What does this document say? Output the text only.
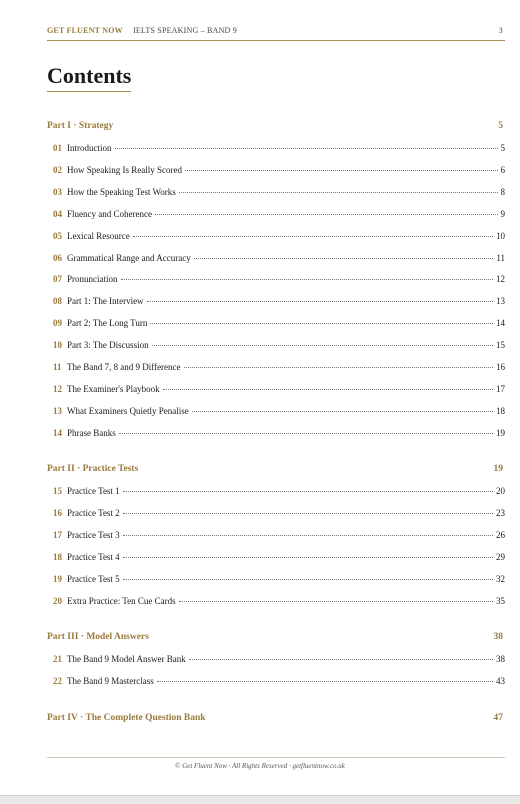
GET FLUENT NOW IELTS SPEAKING – BAND 9	3
Contents
Part I · Strategy	5
01 Introduction	5
02 How Speaking Is Really Scored	6
03 How the Speaking Test Works	8
04 Fluency and Coherence	9
05 Lexical Resource	10
06 Grammatical Range and Accuracy	11
07 Pronunciation	12
08 Part 1: The Interview	13
09 Part 2: The Long Turn	14
10 Part 3: The Discussion	15
11 The Band 7, 8 and 9 Difference	16
12 The Examiner's Playbook	17
13 What Examiners Quietly Penalise	18
14 Phrase Banks	19
Part II · Practice Tests	19
15 Practice Test 1	20
16 Practice Test 2	23
17 Practice Test 3	26
18 Practice Test 4	29
19 Practice Test 5	32
20 Extra Practice: Ten Cue Cards	35
Part III · Model Answers	38
21 The Band 9 Model Answer Bank	38
22 The Band 9 Masterclass	43
Part IV · The Complete Question Bank	47
© Get Fluent Now · All Rights Reserved · getfluentnow.co.uk
